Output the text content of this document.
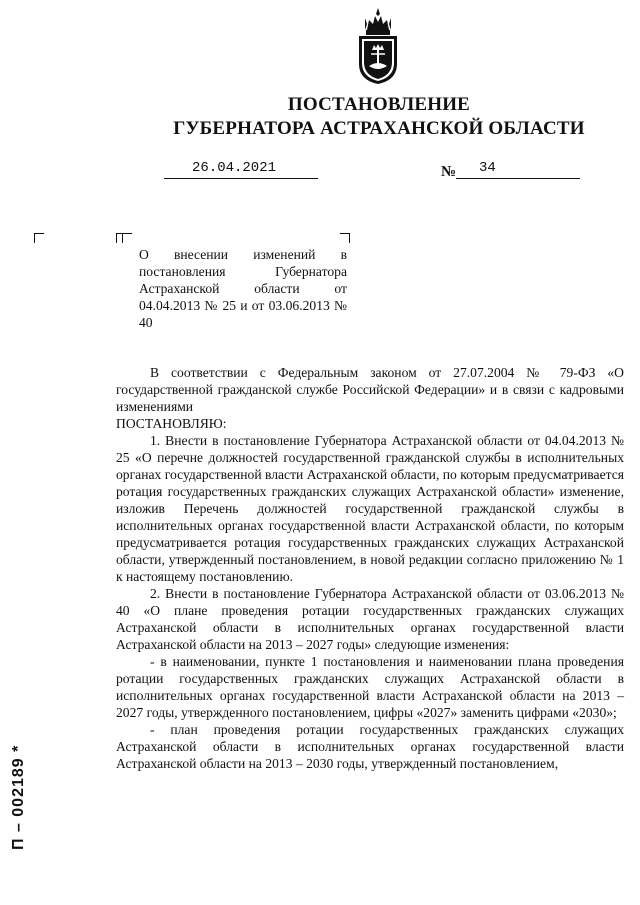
ПОСТАНОВЛЕНИЕ
ГУБЕРНАТОРА АСТРАХАНСКОЙ ОБЛАСТИ
26.04.2021	№ 34
О внесении изменений в постановления Губернатора Астраханской области от 04.04.2013 № 25 и от 03.06.2013 № 40

В соответствии с Федеральным законом от 27.07.2004 № 79-ФЗ «О государственной гражданской службе Российской Федерации» и в связи с кадровыми изменениями

ПОСТАНОВЛЯЮ:

1. Внести в постановление Губернатора Астраханской области от 04.04.2013 № 25 «О перечне должностей государственной гражданской службы в исполнительных органах государственной власти Астраханской области, по которым предусматривается ротация государственных гражданских служащих Астраханской области» изменение, изложив Перечень должностей государственной гражданской службы в исполнительных органах государственной власти Астраханской области, по которым предусматривается ротация государственных гражданских служащих Астраханской области, утвержденный постановлением, в новой редакции согласно приложению № 1 к настоящему постановлению.

2. Внести в постановление Губернатора Астраханской области от 03.06.2013 № 40 «О плане проведения ротации государственных гражданских служащих Астраханской области в исполнительных органах государственной власти Астраханской области на 2013 – 2027 годы» следующие изменения:

- в наименовании, пункте 1 постановления и наименовании плана проведения ротации государственных гражданских служащих Астраханской области в исполнительных органах государственной власти Астраханской области на 2013 – 2027 годы, утвержденного постановлением, цифры «2027» заменить цифрами «2030»;

- план проведения ротации государственных гражданских служащих Астраханской области в исполнительных органах государственной власти Астраханской области на 2013 – 2030 годы, утвержденный постановлением,

П – 002189 *
